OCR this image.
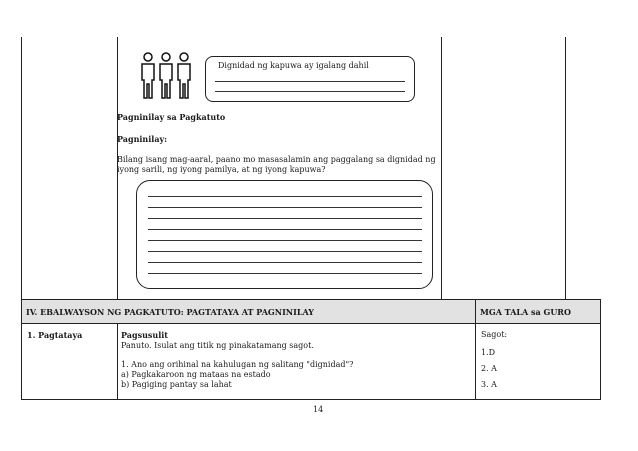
Dignidad ng kapuwa ay igalang dahil
Pagninilay sa Pagkatuto
Pagninilay:
Bilang isang mag-aaral, paano mo masasalamin ang paggalang sa dignidad ng iyong sarili, ng iyong pamilya, at ng iyong kapuwa?
IV. EBALWAYSON NG PAGKATUTO: PAGTATAYA AT PAGNINILAY	MGA TALA sa GURO
1. Pagtataya	Pagsusulit
Panuto. Isulat ang titik ng pinakatamang sagot.
1. Ano ang orihinal na kahulugan ng salitang "dignidad"?
a) Pagkakaroon ng mataas na estado
b) Pagiging pantay sa lahat
Sagot:
1.D
2. A
3. A
14
